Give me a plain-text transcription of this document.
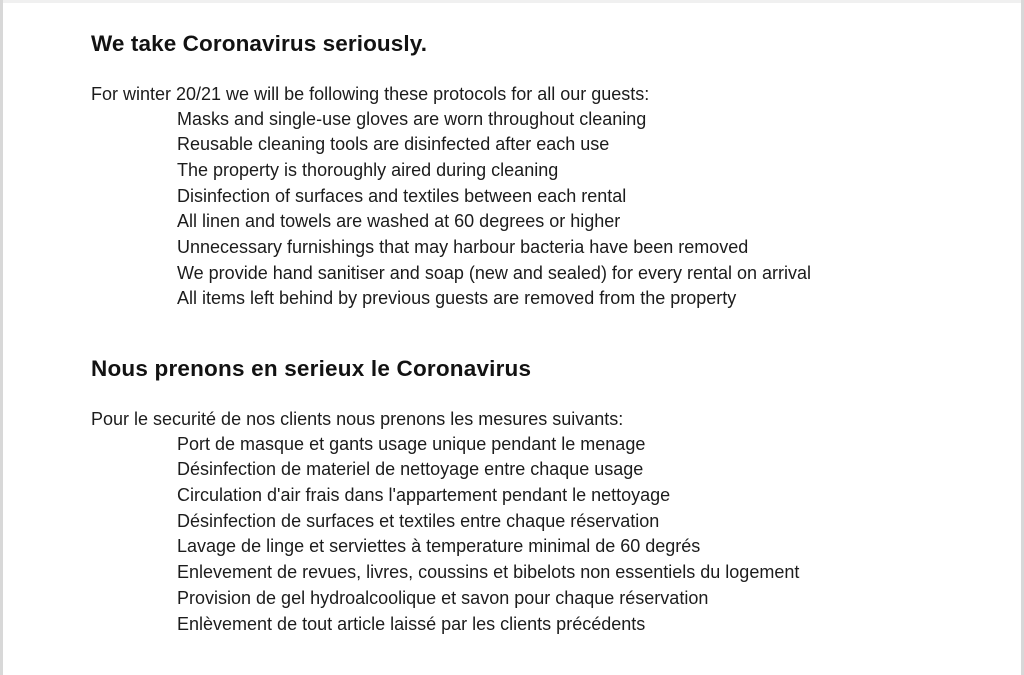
We take Coronavirus seriously.

For winter 20/21 we will be following these protocols for all our guests:

Masks and single-use gloves are worn throughout cleaning
Reusable cleaning tools are disinfected after each use
The property is thoroughly aired during cleaning
Disinfection of surfaces and textiles between each rental
All linen and towels are washed at 60 degrees or higher
Unnecessary furnishings that may harbour bacteria have been removed
We provide hand sanitiser and soap (new and sealed) for every rental on arrival
All items left behind by previous guests are removed from the property
Nous prenons en serieux le Coronavirus

Pour le securité de nos clients nous prenons les mesures suivants:

Port de masque et gants usage unique pendant le menage
Désinfection de materiel de nettoyage entre chaque usage
Circulation d'air frais dans l'appartement pendant le nettoyage
Désinfection de surfaces et textiles entre chaque réservation
Lavage de linge et serviettes à temperature minimal de 60 degrés
Enlevement de revues, livres, coussins et bibelots non essentiels du logement
Provision de gel hydroalcoolique et savon pour chaque réservation
Enlèvement de tout article laissé par les clients précédents
